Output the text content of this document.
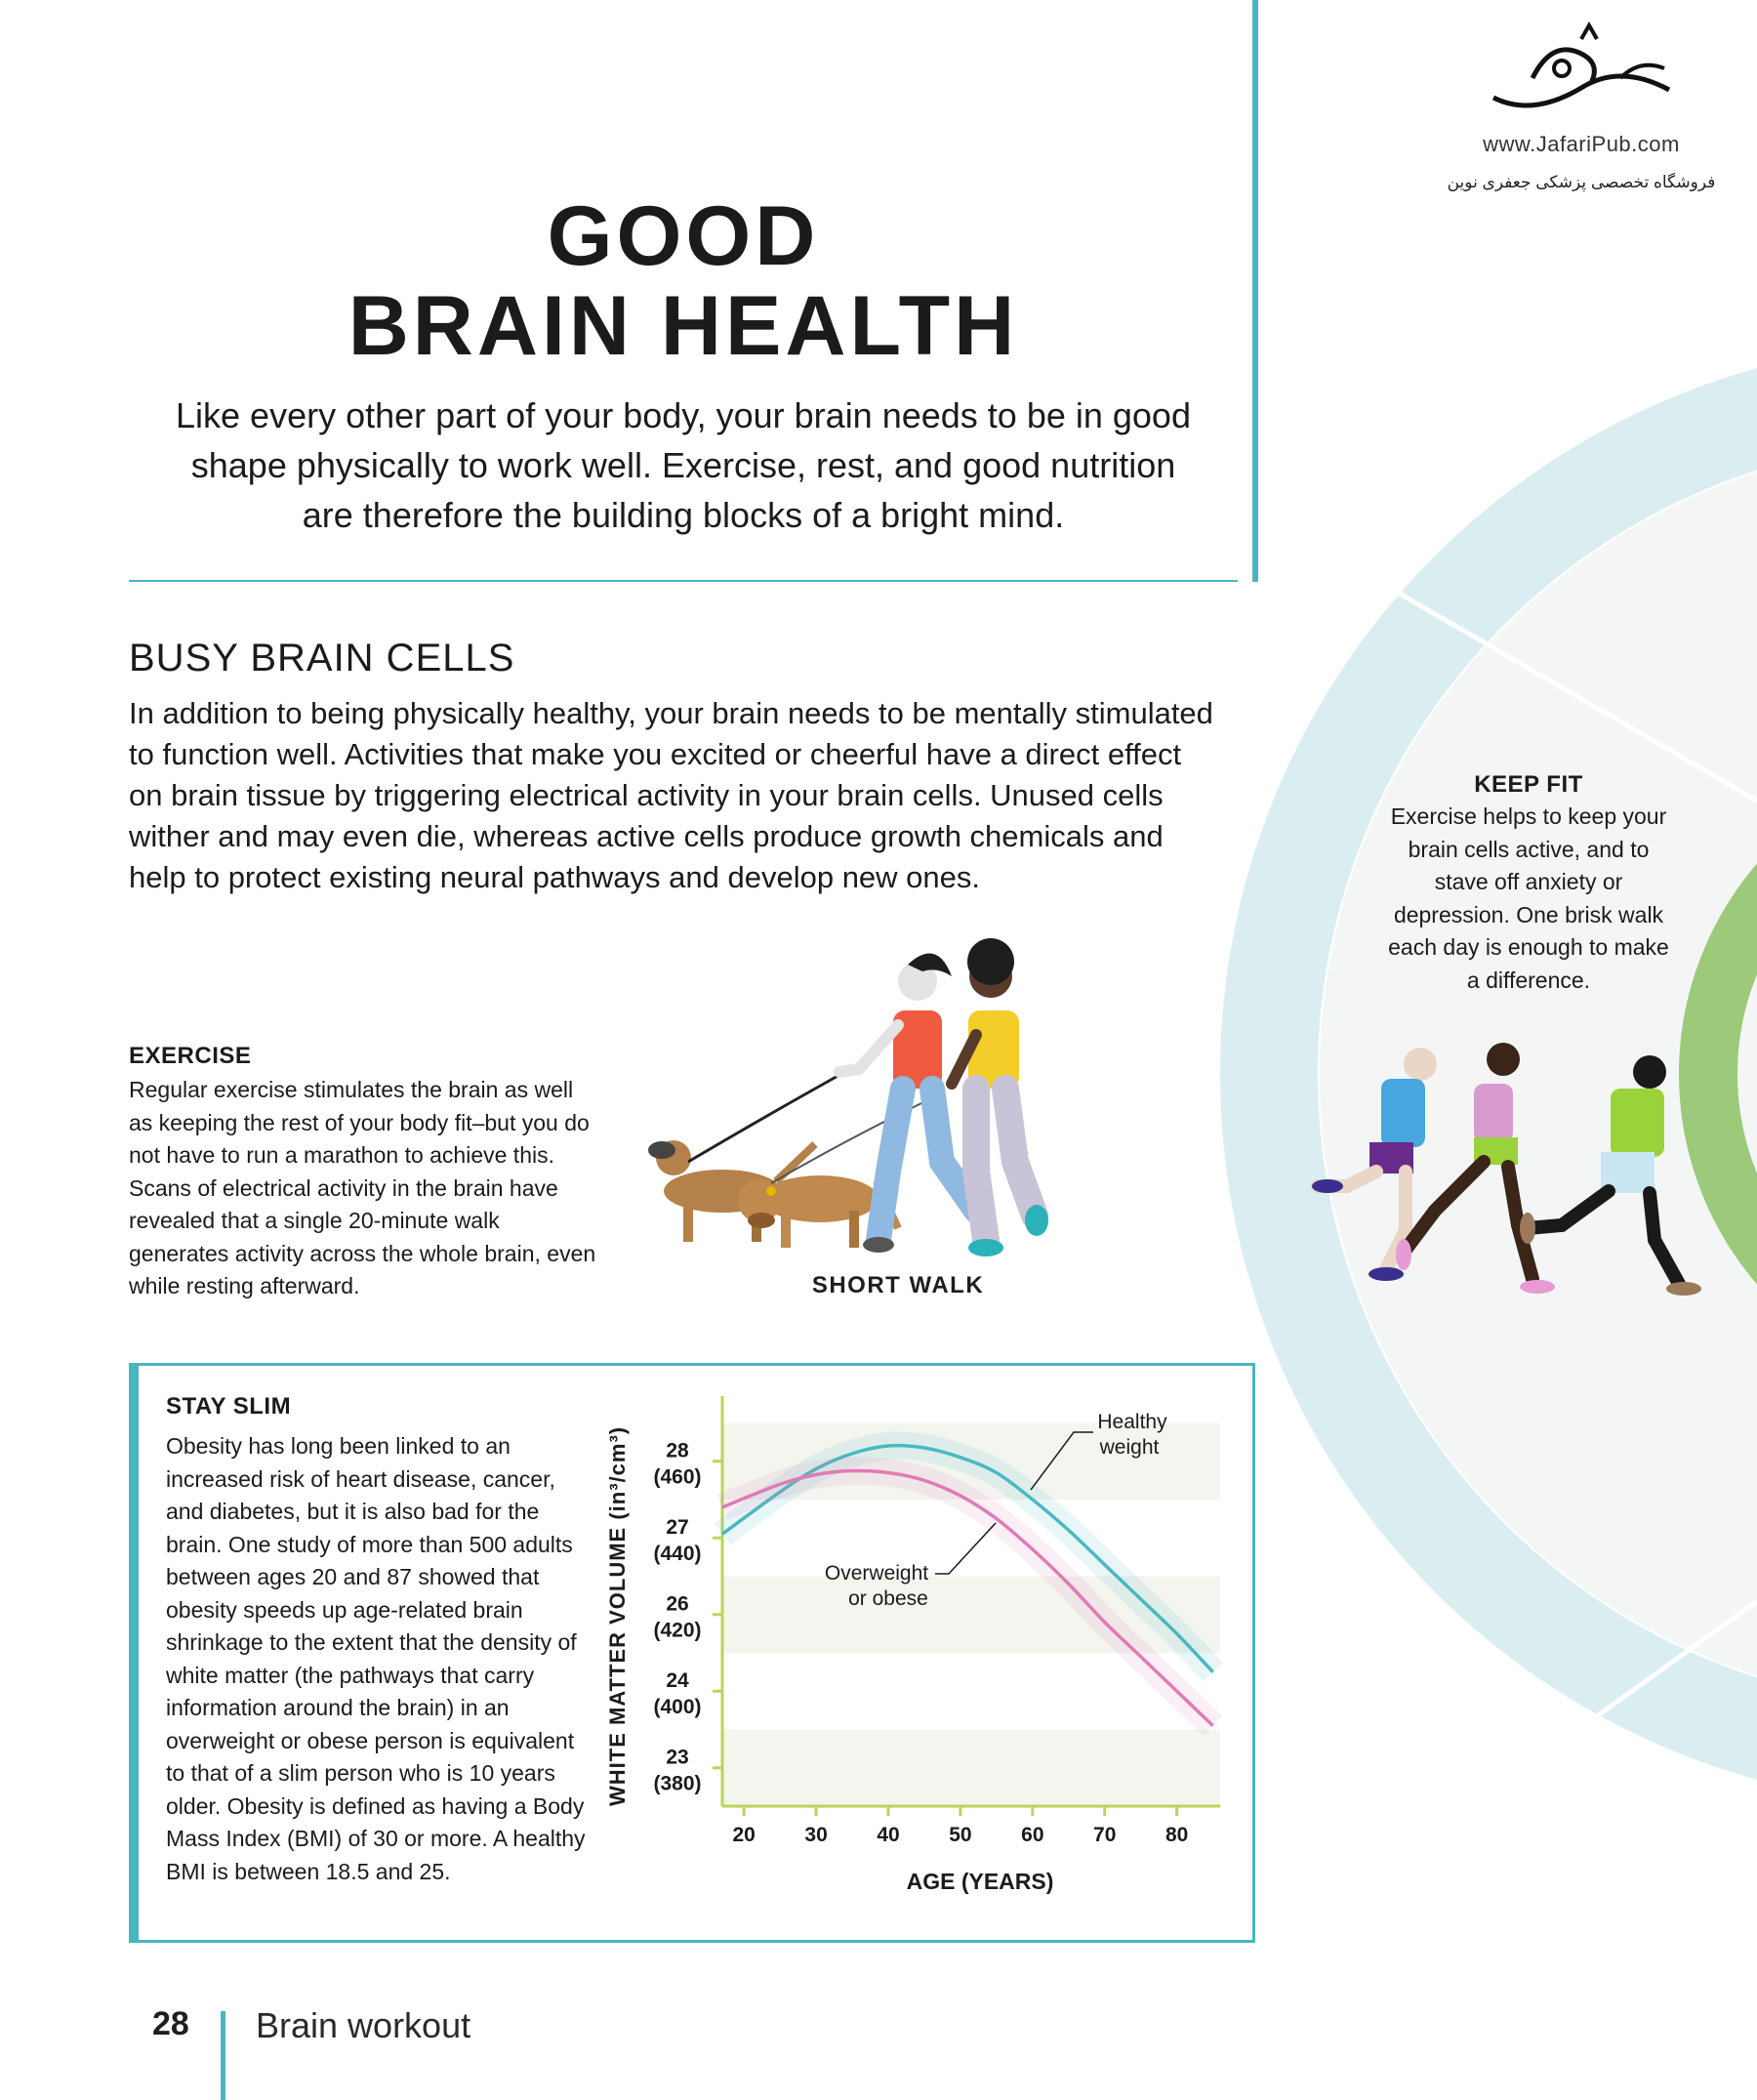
www.JafariPub.com
فروشگاه تخصصی پزشکی جعفری نوین
GOOD
BRAIN HEALTH

Like every other part of your body, your brain needs to be in good shape physically to work well. Exercise, rest, and good nutrition are therefore the building blocks of a bright mind.

BUSY BRAIN CELLS

In addition to being physically healthy, your brain needs to be mentally stimulated to function well. Activities that make you excited or cheerful have a direct effect on brain tissue by triggering electrical activity in your brain cells. Unused cells wither and may even die, whereas active cells produce growth chemicals and help to protect existing neural pathways and develop new ones.

EXERCISE

Regular exercise stimulates the brain as well as keeping the rest of your body fit–but you do not have to run a marathon to achieve this. Scans of electrical activity in the brain have revealed that a single 20-minute walk generates activity across the whole brain, even while resting afterward.	SHORT WALK
KEEP FIT

Exercise helps to keep your brain cells active, and to stave off anxiety or depression. One brisk walk each day is enough to make a difference.

STAY SLIM

Obesity has long been linked to an increased risk of heart disease, cancer, and diabetes, but it is also bad for the brain. One study of more than 500 adults between ages 20 and 87 showed that obesity speeds up age-related brain shrinkage to the extent that the density of white matter (the pathways that carry information around the brain) in an overweight or obese person is equivalent to that of a slim person who is 10 years older. Obesity is defined as having a Body Mass Index (BMI) of 30 or more. A healthy BMI is between 18.5 and 25.

28
(460)
27
(440)
26
(420)
24
(400)
23
(380)
20 30 40 50 60 70 80
Healthy
weight
Overweight
or obese
WHITE MATTER VOLUME (in³/cm³)
AGE (YEARS)
28 Brain workout
